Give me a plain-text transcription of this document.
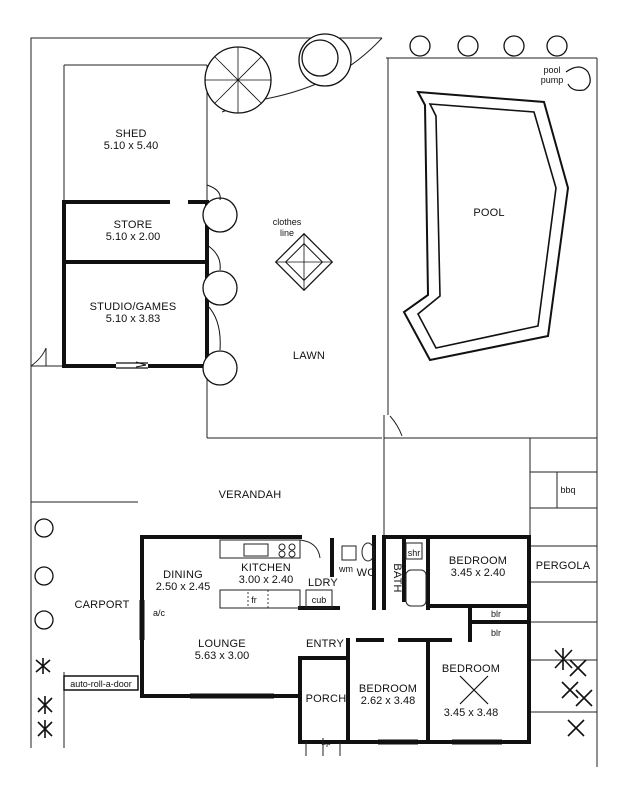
SHED
5.10 x 5.40
STORE
5.10 x 2.00
STUDIO/GAMES
5.10 x 3.83
clothes
line
POOL
pool
pump
LAWN
VERANDAH	bbq
PERGOLA
CARPORT
auto-roll-a-door
DINING
2.50 x 2.45
KITCHEN
3.00 x 2.40
fr
a/c
LDRY
cub
wm WC BATH
shr
BEDROOM
3.45 x 2.40
blr
blr
LOUNGE
5.63 x 3.00
ENTRY
PORCH
up
BEDROOM
2.62 x 3.48
BEDROOM
3.45 x 3.48
